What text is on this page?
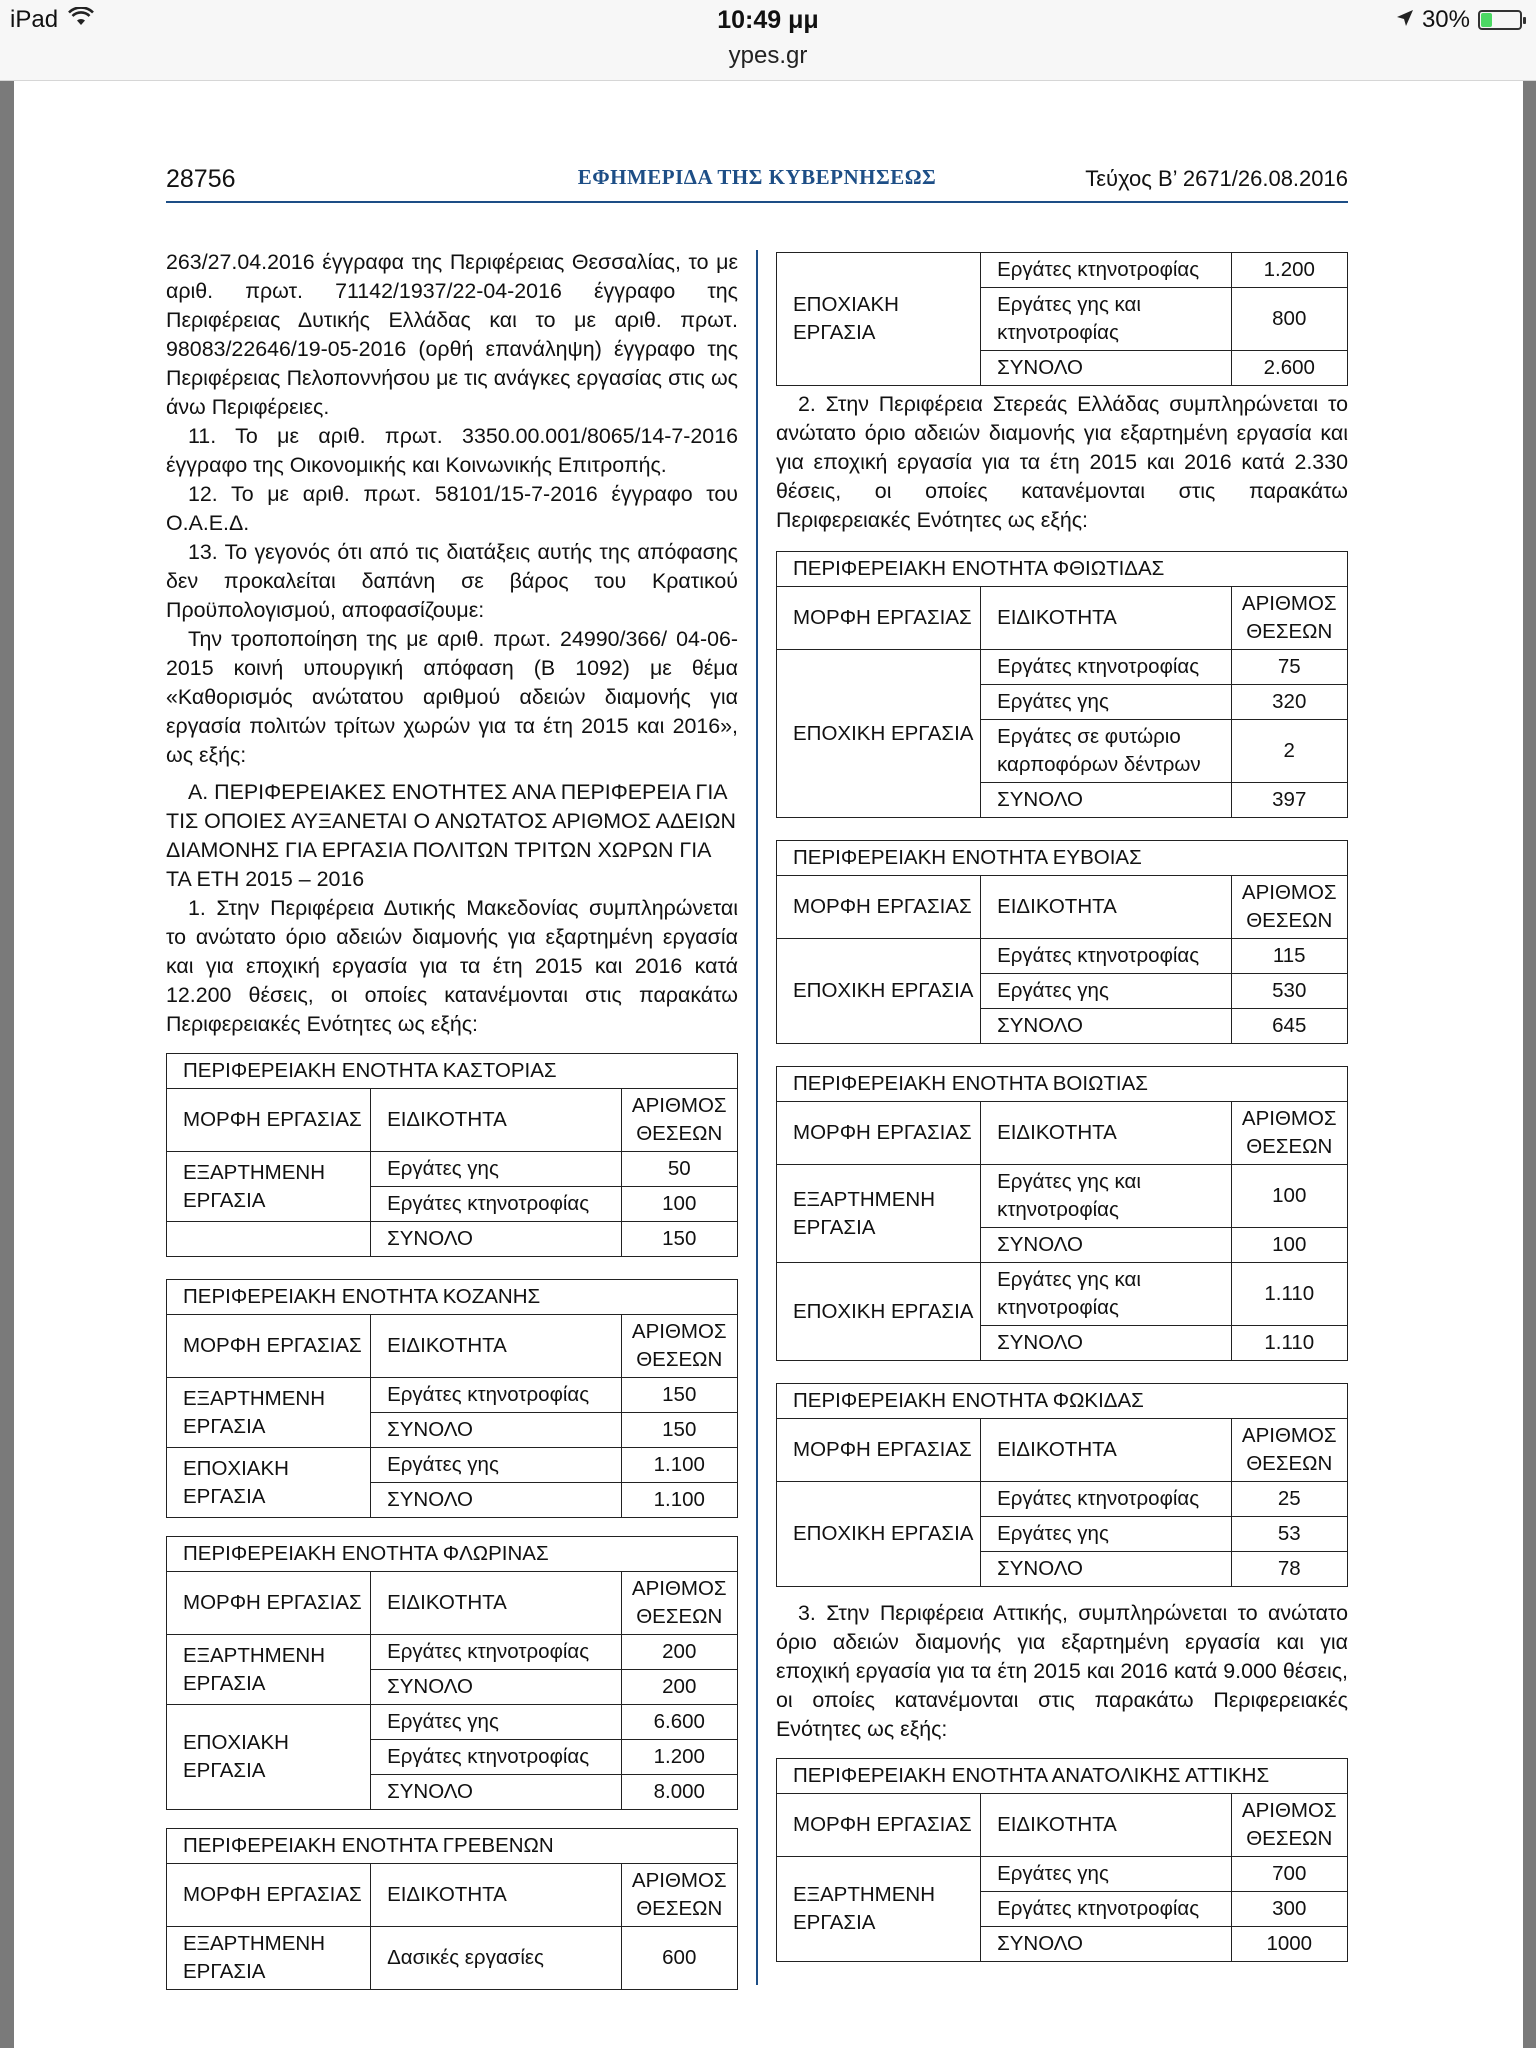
iPad	10:49 μμ
ypes.gr
30%
28756	ΕΦΗΜΕΡΙΔΑ ΤΗΣ ΚΥΒΕΡΝΗΣΕΩΣ	Τεύχος Β’ 2671/26.08.2016

263/27.04.2016 έγγραφα της Περιφέρειας Θεσσαλίας, το με αριθ. πρωτ. 71142/1937/22-04-2016 έγγραφο της Περιφέρειας Δυτικής Ελλάδας και το με αριθ. πρωτ. 98083/22646/19-05-2016 (ορθή επανάληψη) έγγραφο της Περιφέρειας Πελοποννήσου με τις ανάγκες εργασίας στις ως άνω Περιφέρειες.

11. Το με αριθ. πρωτ. 3350.00.001/8065/14-7-2016 έγγραφο της Οικονομικής και Κοινωνικής Επιτροπής.

12. Το με αριθ. πρωτ. 58101/15-7-2016 έγγραφο του Ο.Α.Ε.Δ.

13. Το γεγονός ότι από τις διατάξεις αυτής της απόφασης δεν προκαλείται δαπάνη σε βάρος του Κρατικού Προϋπολογισμού, αποφασίζουμε:

Την τροποποίηση της με αριθ. πρωτ. 24990/366/ 04-06-2015 κοινή υπουργική απόφαση (Β 1092) με θέμα «Καθορισμός ανώτατου αριθμού αδειών διαμονής για εργασία πολιτών τρίτων χωρών για τα έτη 2015 και 2016», ως εξής:

Α. ΠΕΡΙΦΕΡΕΙΑΚΕΣ ΕΝΟΤΗΤΕΣ ΑΝΑ ΠΕΡΙΦΕΡΕΙΑ ΓΙΑ ΤΙΣ ΟΠΟΙΕΣ ΑΥΞΑΝΕΤΑΙ Ο ΑΝΩΤΑΤΟΣ ΑΡΙΘΜΟΣ ΑΔΕΙΩΝ ΔΙΑΜΟΝΗΣ ΓΙΑ ΕΡΓΑΣΙΑ ΠΟΛΙΤΩΝ ΤΡΙΤΩΝ ΧΩΡΩΝ ΓΙΑ ΤΑ ΕΤΗ 2015 – 2016

1. Στην Περιφέρεια Δυτικής Μακεδονίας συμπληρώνεται το ανώτατο όριο αδειών διαμονής για εξαρτημένη εργασία και για εποχική εργασία για τα έτη 2015 και 2016 κατά 12.200 θέσεις, οι οποίες κατανέμονται στις παρακάτω Περιφερειακές Ενότητες ως εξής:

ΠΕΡΙΦΕΡΕΙΑΚΗ ΕΝΟΤΗΤΑ ΚΑΣΤΟΡΙΑΣ		
ΜΟΡΦΗ ΕΡΓΑΣΙΑΣ	ΕΙΔΙΚΟΤΗΤΑ	ΑΡΙΘΜΟΣ
ΘΕΣΕΩΝ
ΕΞΑΡΤΗΜΕΝΗ
ΕΡΓΑΣΙΑ	Εργάτες γης	50
	Εργάτες κτηνοτροφίας	100
	ΣΥΝΟΛΟ	150
ΠΕΡΙΦΕΡΕΙΑΚΗ ΕΝΟΤΗΤΑ ΚΟΖΑΝΗΣ		
ΜΟΡΦΗ ΕΡΓΑΣΙΑΣ	ΕΙΔΙΚΟΤΗΤΑ	ΑΡΙΘΜΟΣ
ΘΕΣΕΩΝ
ΕΞΑΡΤΗΜΕΝΗ
ΕΡΓΑΣΙΑ	Εργάτες κτηνοτροφίας	150
	ΣΥΝΟΛΟ	150
ΕΠΟΧΙΑΚΗ
ΕΡΓΑΣΙΑ	Εργάτες γης	1.100
	ΣΥΝΟΛΟ	1.100
ΠΕΡΙΦΕΡΕΙΑΚΗ ΕΝΟΤΗΤΑ ΦΛΩΡΙΝΑΣ		
ΜΟΡΦΗ ΕΡΓΑΣΙΑΣ	ΕΙΔΙΚΟΤΗΤΑ	ΑΡΙΘΜΟΣ
ΘΕΣΕΩΝ
ΕΞΑΡΤΗΜΕΝΗ
ΕΡΓΑΣΙΑ	Εργάτες κτηνοτροφίας	200
	ΣΥΝΟΛΟ	200
ΕΠΟΧΙΑΚΗ
ΕΡΓΑΣΙΑ	Εργάτες γης	6.600
	Εργάτες κτηνοτροφίας	1.200
	ΣΥΝΟΛΟ	8.000
ΠΕΡΙΦΕΡΕΙΑΚΗ ΕΝΟΤΗΤΑ ΓΡΕΒΕΝΩΝ		
ΜΟΡΦΗ ΕΡΓΑΣΙΑΣ	ΕΙΔΙΚΟΤΗΤΑ	ΑΡΙΘΜΟΣ
ΘΕΣΕΩΝ
ΕΞΑΡΤΗΜΕΝΗ
ΕΡΓΑΣΙΑ	Δασικές εργασίες	600
ΕΠΟΧΙΑΚΗ
ΕΡΓΑΣΙΑ	Εργάτες κτηνοτροφίας	1.200
	Εργάτες γης και
κτηνοτροφίας	800
	ΣΥΝΟΛΟ	2.600

2. Στην Περιφέρεια Στερεάς Ελλάδας συμπληρώνεται το ανώτατο όριο αδειών διαμονής για εξαρτημένη εργασία και για εποχική εργασία για τα έτη 2015 και 2016 κατά 2.330 θέσεις, οι οποίες κατανέμονται στις παρακάτω Περιφερειακές Ενότητες ως εξής:

ΠΕΡΙΦΕΡΕΙΑΚΗ ΕΝΟΤΗΤΑ ΦΘΙΩΤΙΔΑΣ		
ΜΟΡΦΗ ΕΡΓΑΣΙΑΣ	ΕΙΔΙΚΟΤΗΤΑ	ΑΡΙΘΜΟΣ
ΘΕΣΕΩΝ
ΕΠΟΧΙΚΗ ΕΡΓΑΣΙΑ	Εργάτες κτηνοτροφίας	75
	Εργάτες γης	320
	Εργάτες σε φυτώριο
καρποφόρων δέντρων	2
	ΣΥΝΟΛΟ	397
ΠΕΡΙΦΕΡΕΙΑΚΗ ΕΝΟΤΗΤΑ ΕΥΒΟΙΑΣ		
ΜΟΡΦΗ ΕΡΓΑΣΙΑΣ	ΕΙΔΙΚΟΤΗΤΑ	ΑΡΙΘΜΟΣ
ΘΕΣΕΩΝ
ΕΠΟΧΙΚΗ ΕΡΓΑΣΙΑ	Εργάτες κτηνοτροφίας	115
	Εργάτες γης	530
	ΣΥΝΟΛΟ	645
ΠΕΡΙΦΕΡΕΙΑΚΗ ΕΝΟΤΗΤΑ ΒΟΙΩΤΙΑΣ		
ΜΟΡΦΗ ΕΡΓΑΣΙΑΣ	ΕΙΔΙΚΟΤΗΤΑ	ΑΡΙΘΜΟΣ
ΘΕΣΕΩΝ
ΕΞΑΡΤΗΜΕΝΗ
ΕΡΓΑΣΙΑ	Εργάτες γης και
κτηνοτροφίας	100
	ΣΥΝΟΛΟ	100
ΕΠΟΧΙΚΗ ΕΡΓΑΣΙΑ	Εργάτες γης και
κτηνοτροφίας	1.110
	ΣΥΝΟΛΟ	1.110
ΠΕΡΙΦΕΡΕΙΑΚΗ ΕΝΟΤΗΤΑ ΦΩΚΙΔΑΣ		
ΜΟΡΦΗ ΕΡΓΑΣΙΑΣ	ΕΙΔΙΚΟΤΗΤΑ	ΑΡΙΘΜΟΣ
ΘΕΣΕΩΝ
ΕΠΟΧΙΚΗ ΕΡΓΑΣΙΑ	Εργάτες κτηνοτροφίας	25
	Εργάτες γης	53
	ΣΥΝΟΛΟ	78

3. Στην Περιφέρεια Αττικής, συμπληρώνεται το ανώτατο όριο αδειών διαμονής για εξαρτημένη εργασία και για εποχική εργασία για τα έτη 2015 και 2016 κατά 9.000 θέσεις, οι οποίες κατανέμονται στις παρακάτω Περιφερειακές Ενότητες ως εξής:

ΠΕΡΙΦΕΡΕΙΑΚΗ ΕΝΟΤΗΤΑ ΑΝΑΤΟΛΙΚΗΣ ΑΤΤΙΚΗΣ		
ΜΟΡΦΗ ΕΡΓΑΣΙΑΣ	ΕΙΔΙΚΟΤΗΤΑ	ΑΡΙΘΜΟΣ
ΘΕΣΕΩΝ
ΕΞΑΡΤΗΜΕΝΗ
ΕΡΓΑΣΙΑ	Εργάτες γης	700
	Εργάτες κτηνοτροφίας	300
	ΣΥΝΟΛΟ	1000
